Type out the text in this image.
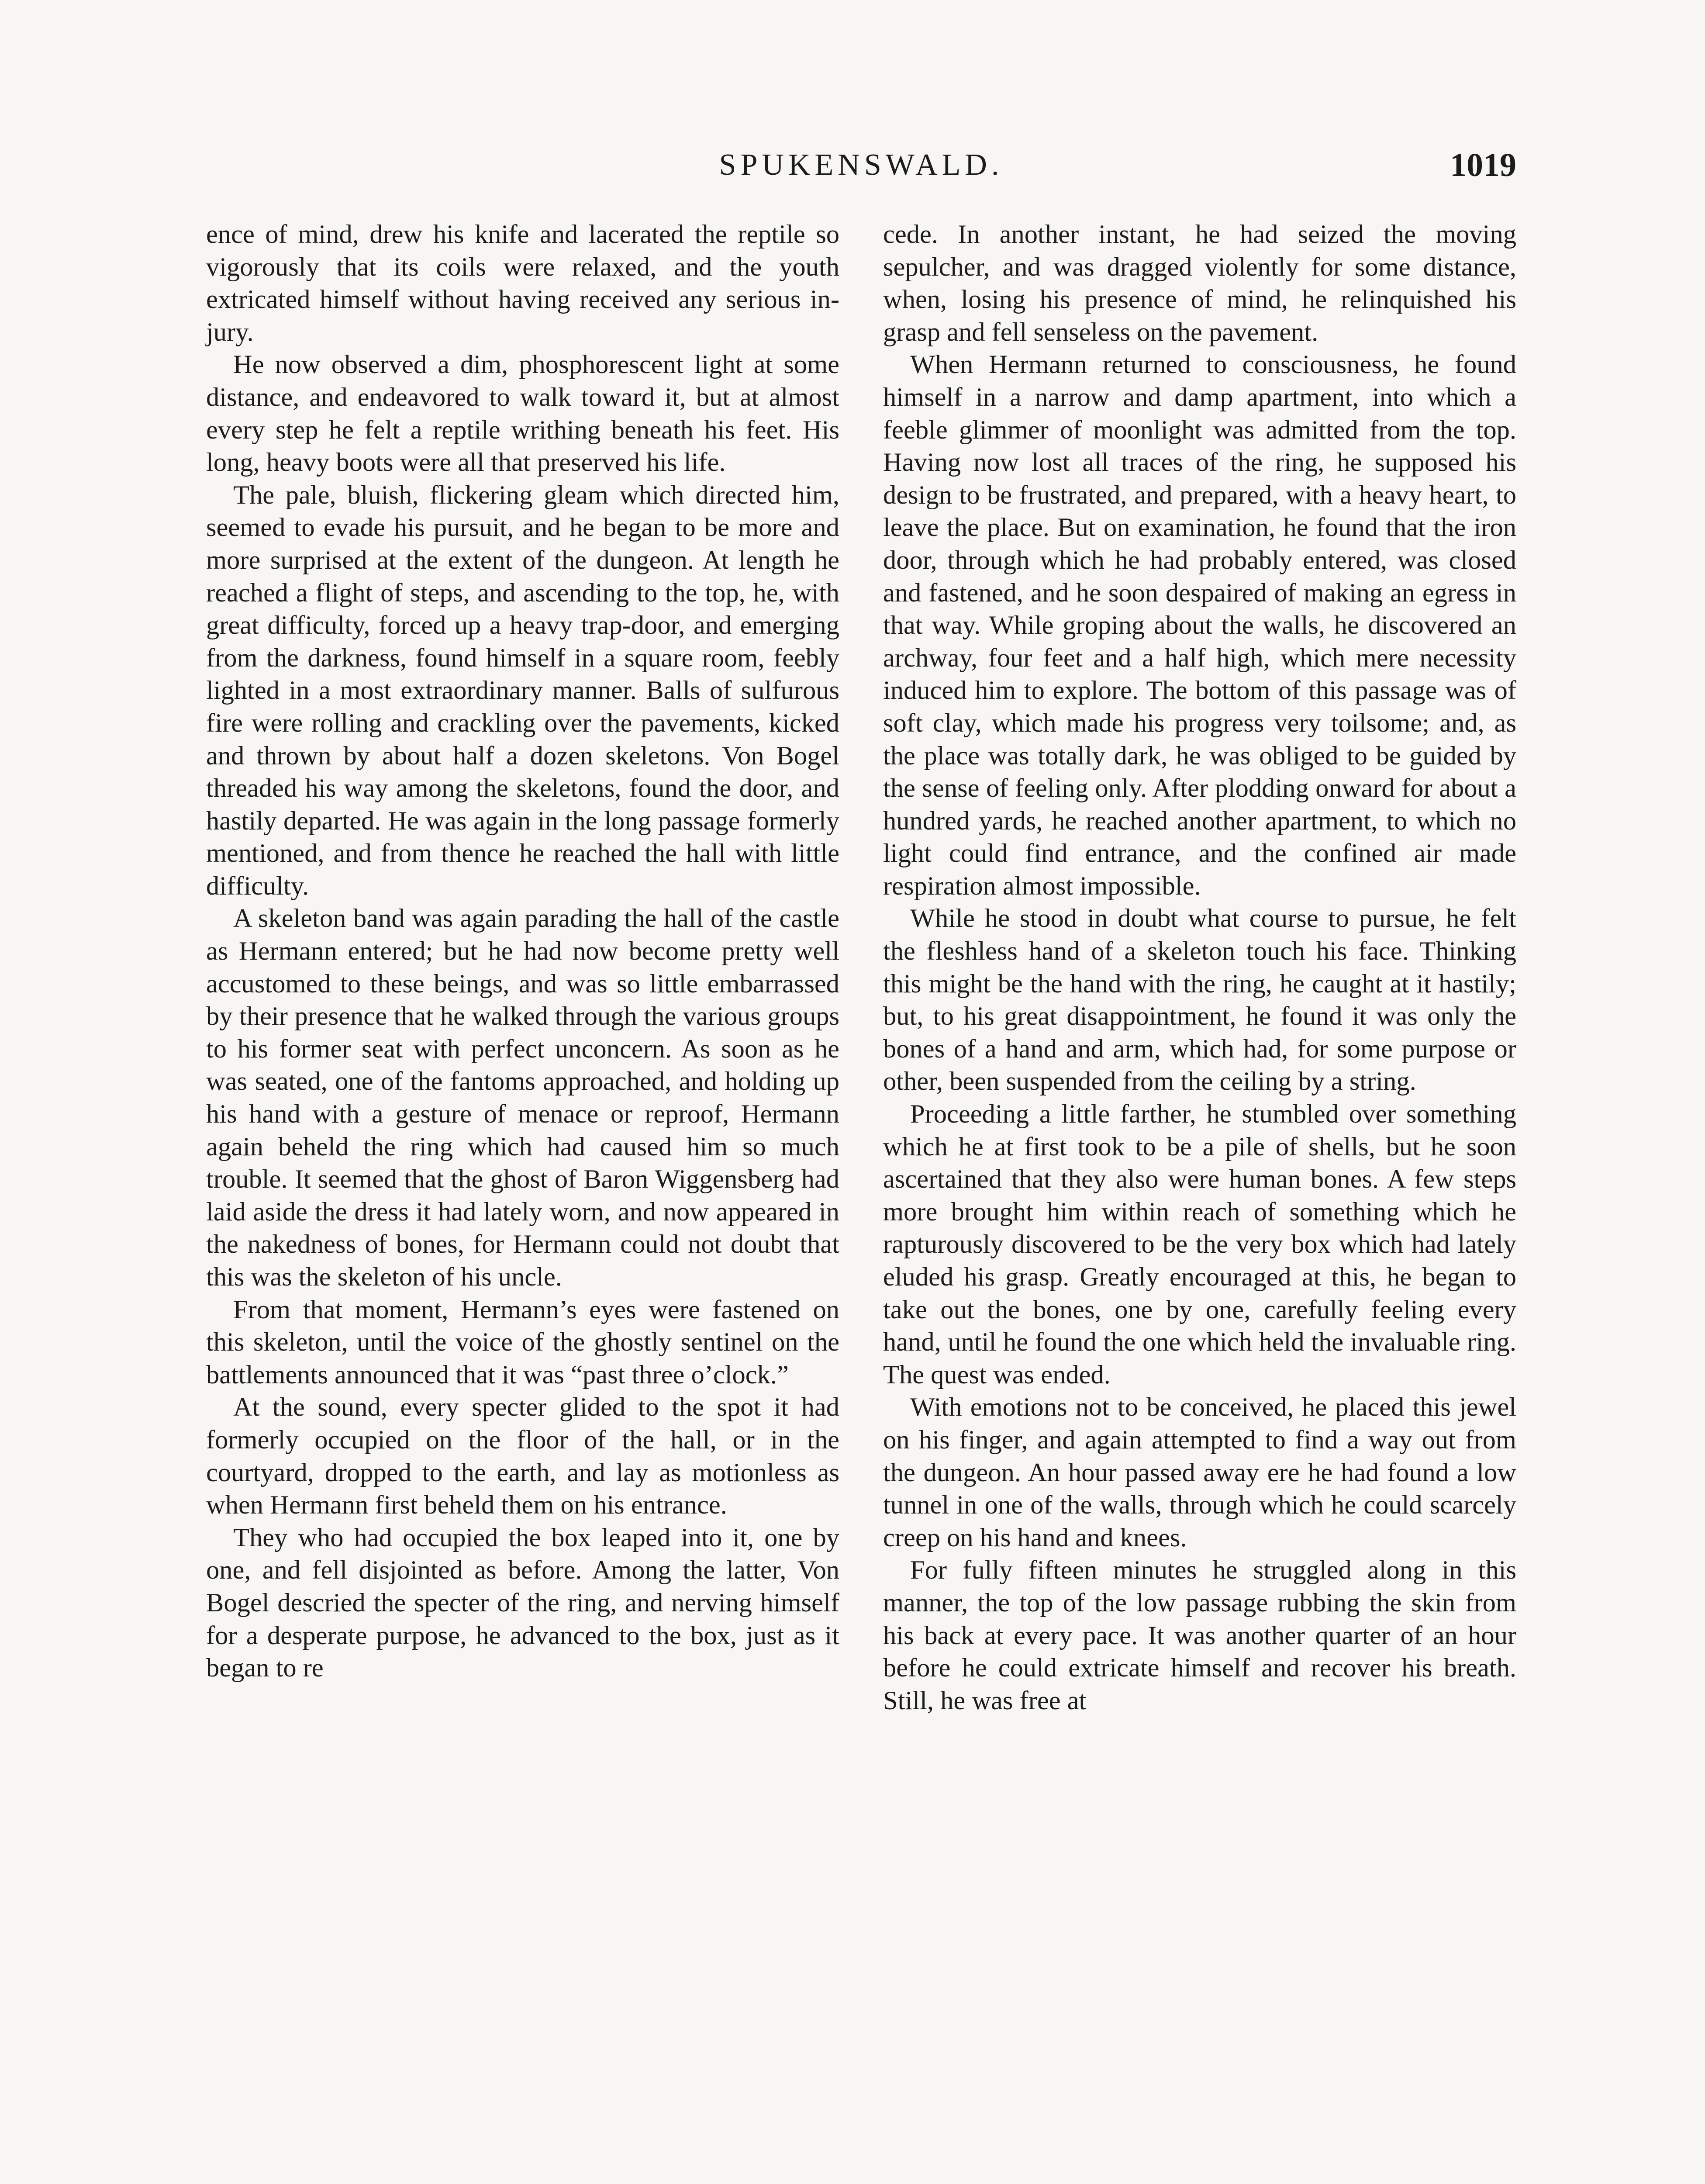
SPUKENSWALD.	1019

ence of mind, drew his knife and lacerated the reptile so vigorously that its coils were relaxed, and the youth extricated himself without having received any serious injury.

He now observed a dim, phosphorescent light at some distance, and endeavored to walk toward it, but at almost every step he felt a reptile writhing beneath his feet. His long, heavy boots were all that preserved his life.

The pale, bluish, flickering gleam which directed him, seemed to evade his pursuit, and he began to be more and more surprised at the extent of the dungeon. At length he reached a flight of steps, and ascending to the top, he, with great difficulty, forced up a heavy trap-door, and emerging from the darkness, found himself in a square room, feebly lighted in a most extraordinary manner. Balls of sulfurous fire were rolling and crackling over the pavements, kicked and thrown by about half a dozen skeletons. Von Bogel threaded his way among the skeletons, found the door, and hastily departed. He was again in the long passage formerly mentioned, and from thence he reached the hall with little difficulty.

A skeleton band was again parading the hall of the castle as Hermann entered; but he had now become pretty well accustomed to these beings, and was so little embarrassed by their presence that he walked through the various groups to his former seat with perfect unconcern. As soon as he was seated, one of the fantoms approached, and holding up his hand with a gesture of menace or reproof, Hermann again beheld the ring which had caused him so much trouble. It seemed that the ghost of Baron Wiggensberg had laid aside the dress it had lately worn, and now appeared in the nakedness of bones, for Hermann could not doubt that this was the skeleton of his uncle.

From that moment, Hermann’s eyes were fastened on this skeleton, until the voice of the ghostly sentinel on the battlements announced that it was “past three o’clock.”

At the sound, every specter glided to the spot it had formerly occupied on the floor of the hall, or in the courtyard, dropped to the earth, and lay as motionless as when Hermann first beheld them on his entrance.

They who had occupied the box leaped into it, one by one, and fell disjointed as before. Among the latter, Von Bogel descried the specter of the ring, and nerving himself for a desperate purpose, he advanced to the box, just as it began to re

cede. In another instant, he had seized the moving sepulcher, and was dragged violently for some distance, when, losing his presence of mind, he relinquished his grasp and fell senseless on the pavement.

When Hermann returned to consciousness, he found himself in a narrow and damp apartment, into which a feeble glimmer of moonlight was admitted from the top. Having now lost all traces of the ring, he supposed his design to be frustrated, and prepared, with a heavy heart, to leave the place. But on examination, he found that the iron door, through which he had probably entered, was closed and fastened, and he soon despaired of making an egress in that way. While groping about the walls, he discovered an archway, four feet and a half high, which mere necessity induced him to explore. The bottom of this passage was of soft clay, which made his progress very toilsome; and, as the place was totally dark, he was obliged to be guided by the sense of feeling only. After plodding onward for about a hundred yards, he reached another apartment, to which no light could find entrance, and the confined air made respiration almost impossible.

While he stood in doubt what course to pursue, he felt the fleshless hand of a skeleton touch his face. Thinking this might be the hand with the ring, he caught at it hastily; but, to his great disappointment, he found it was only the bones of a hand and arm, which had, for some purpose or other, been suspended from the ceiling by a string.

Proceeding a little farther, he stumbled over something which he at first took to be a pile of shells, but he soon ascertained that they also were human bones. A few steps more brought him within reach of something which he rapturously discovered to be the very box which had lately eluded his grasp. Greatly encouraged at this, he began to take out the bones, one by one, carefully feeling every hand, until he found the one which held the invaluable ring. The quest was ended.

With emotions not to be conceived, he placed this jewel on his finger, and again attempted to find a way out from the dungeon. An hour passed away ere he had found a low tunnel in one of the walls, through which he could scarcely creep on his hand and knees.

For fully fifteen minutes he struggled along in this manner, the top of the low passage rubbing the skin from his back at every pace. It was another quarter of an hour before he could extricate himself and recover his breath. Still, he was free at
